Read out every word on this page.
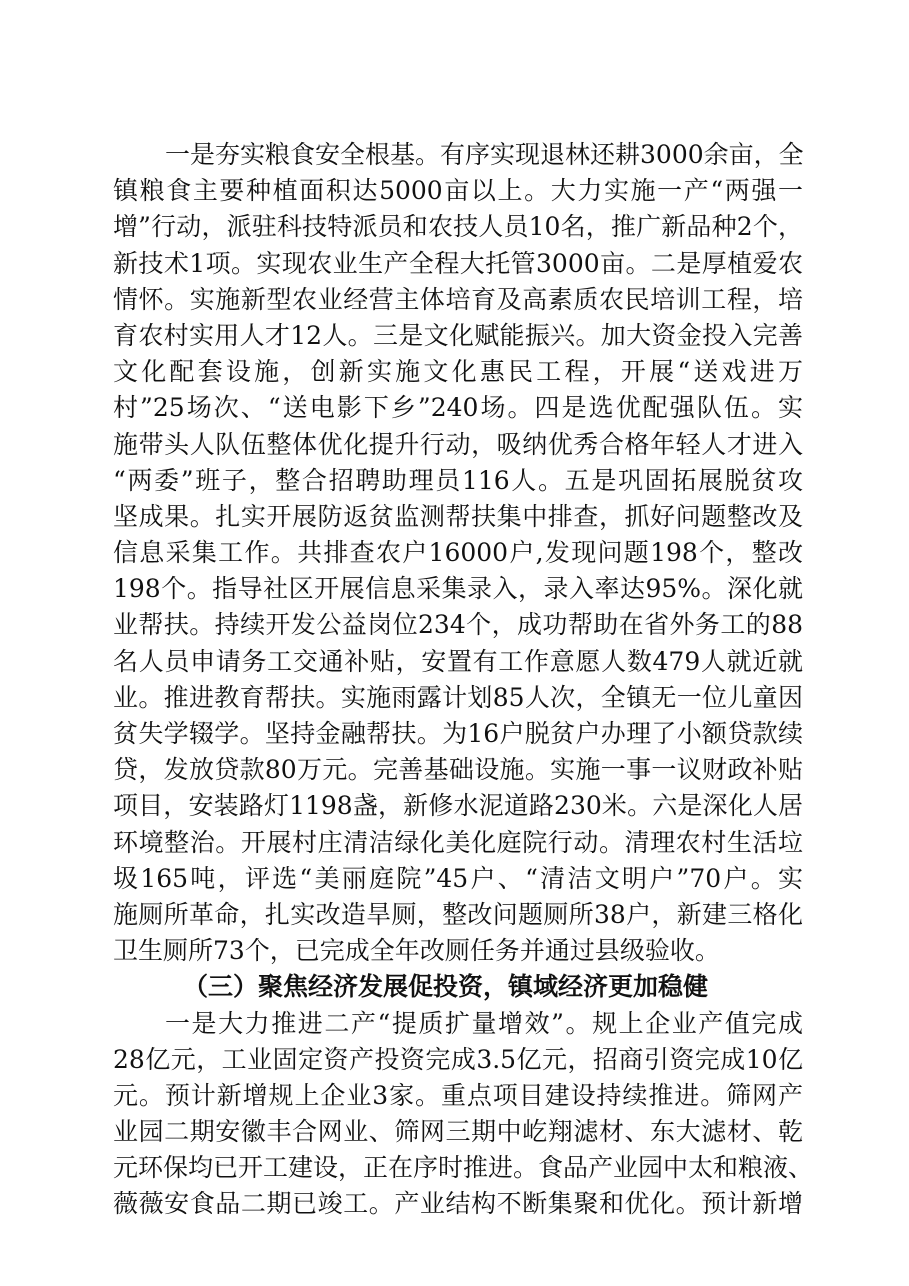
一是夯实粮食安全根基。有序实现退林还耕3000余亩，全
镇粮食主要种植面积达5000亩以上。大力实施一产“两强一
增”行动，派驻科技特派员和农技人员10名，推广新品种2个，
新技术1项。实现农业生产全程大托管3000亩。二是厚植爱农
情怀。实施新型农业经营主体培育及高素质农民培训工程，培
育农村实用人才12人。三是文化赋能振兴。加大资金投入完善
文化配套设施，创新实施文化惠民工程，开展“送戏进万
村”25场次、“送电影下乡”240场。四是选优配强队伍。实
施带头人队伍整体优化提升行动，吸纳优秀合格年轻人才进入
“两委”班子，整合招聘助理员116人。五是巩固拓展脱贫攻
坚成果。扎实开展防返贫监测帮扶集中排查，抓好问题整改及
信息采集工作。共排查农户16000户,发现问题198个，整改
198个。指导社区开展信息采集录入，录入率达95%。深化就
业帮扶。持续开发公益岗位234个，成功帮助在省外务工的88
名人员申请务工交通补贴，安置有工作意愿人数479人就近就
业。推进教育帮扶。实施雨露计划85人次，全镇无一位儿童因
贫失学辍学。坚持金融帮扶。为16户脱贫户办理了小额贷款续
贷，发放贷款80万元。完善基础设施。实施一事一议财政补贴
项目，安装路灯1198盏，新修水泥道路230米。六是深化人居
环境整治。开展村庄清洁绿化美化庭院行动。清理农村生活垃
圾165吨，评选“美丽庭院”45户、“清洁文明户”70户。实
施厕所革命，扎实改造旱厕，整改问题厕所38户，新建三格化
卫生厕所73个，已完成全年改厕任务并通过县级验收。
（三）聚焦经济发展促投资，镇域经济更加稳健
一是大力推进二产“提质扩量增效”。规上企业产值完成
28亿元，工业固定资产投资完成3.5亿元，招商引资完成10亿
元。预计新增规上企业3家。重点项目建设持续推进。筛网产
业园二期安徽丰合网业、筛网三期中屹翔滤材、东大滤材、乾
元环保均已开工建设，正在序时推进。食品产业园中太和粮液、
薇薇安食品二期已竣工。产业结构不断集聚和优化。预计新增
